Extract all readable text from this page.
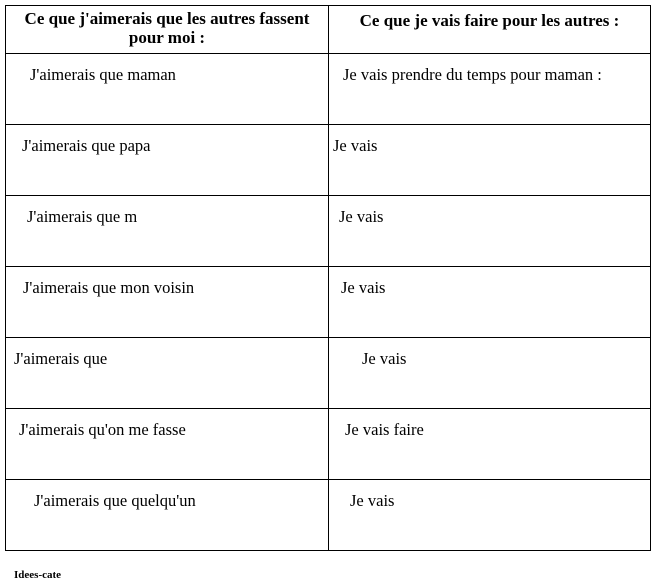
Ce que j'aimerais que les autres fassent pour moi :	Ce que je vais faire pour les autres :

J'aimerais que maman	Je vais prendre du temps pour maman :

J'aimerais que papa	Je vais

J'aimerais que m	Je vais

J'aimerais que mon voisin	Je vais

J'aimerais que	Je vais

J'aimerais qu'on me fasse	Je vais faire

J'aimerais que quelqu'un	Je vais
Idees-cate
